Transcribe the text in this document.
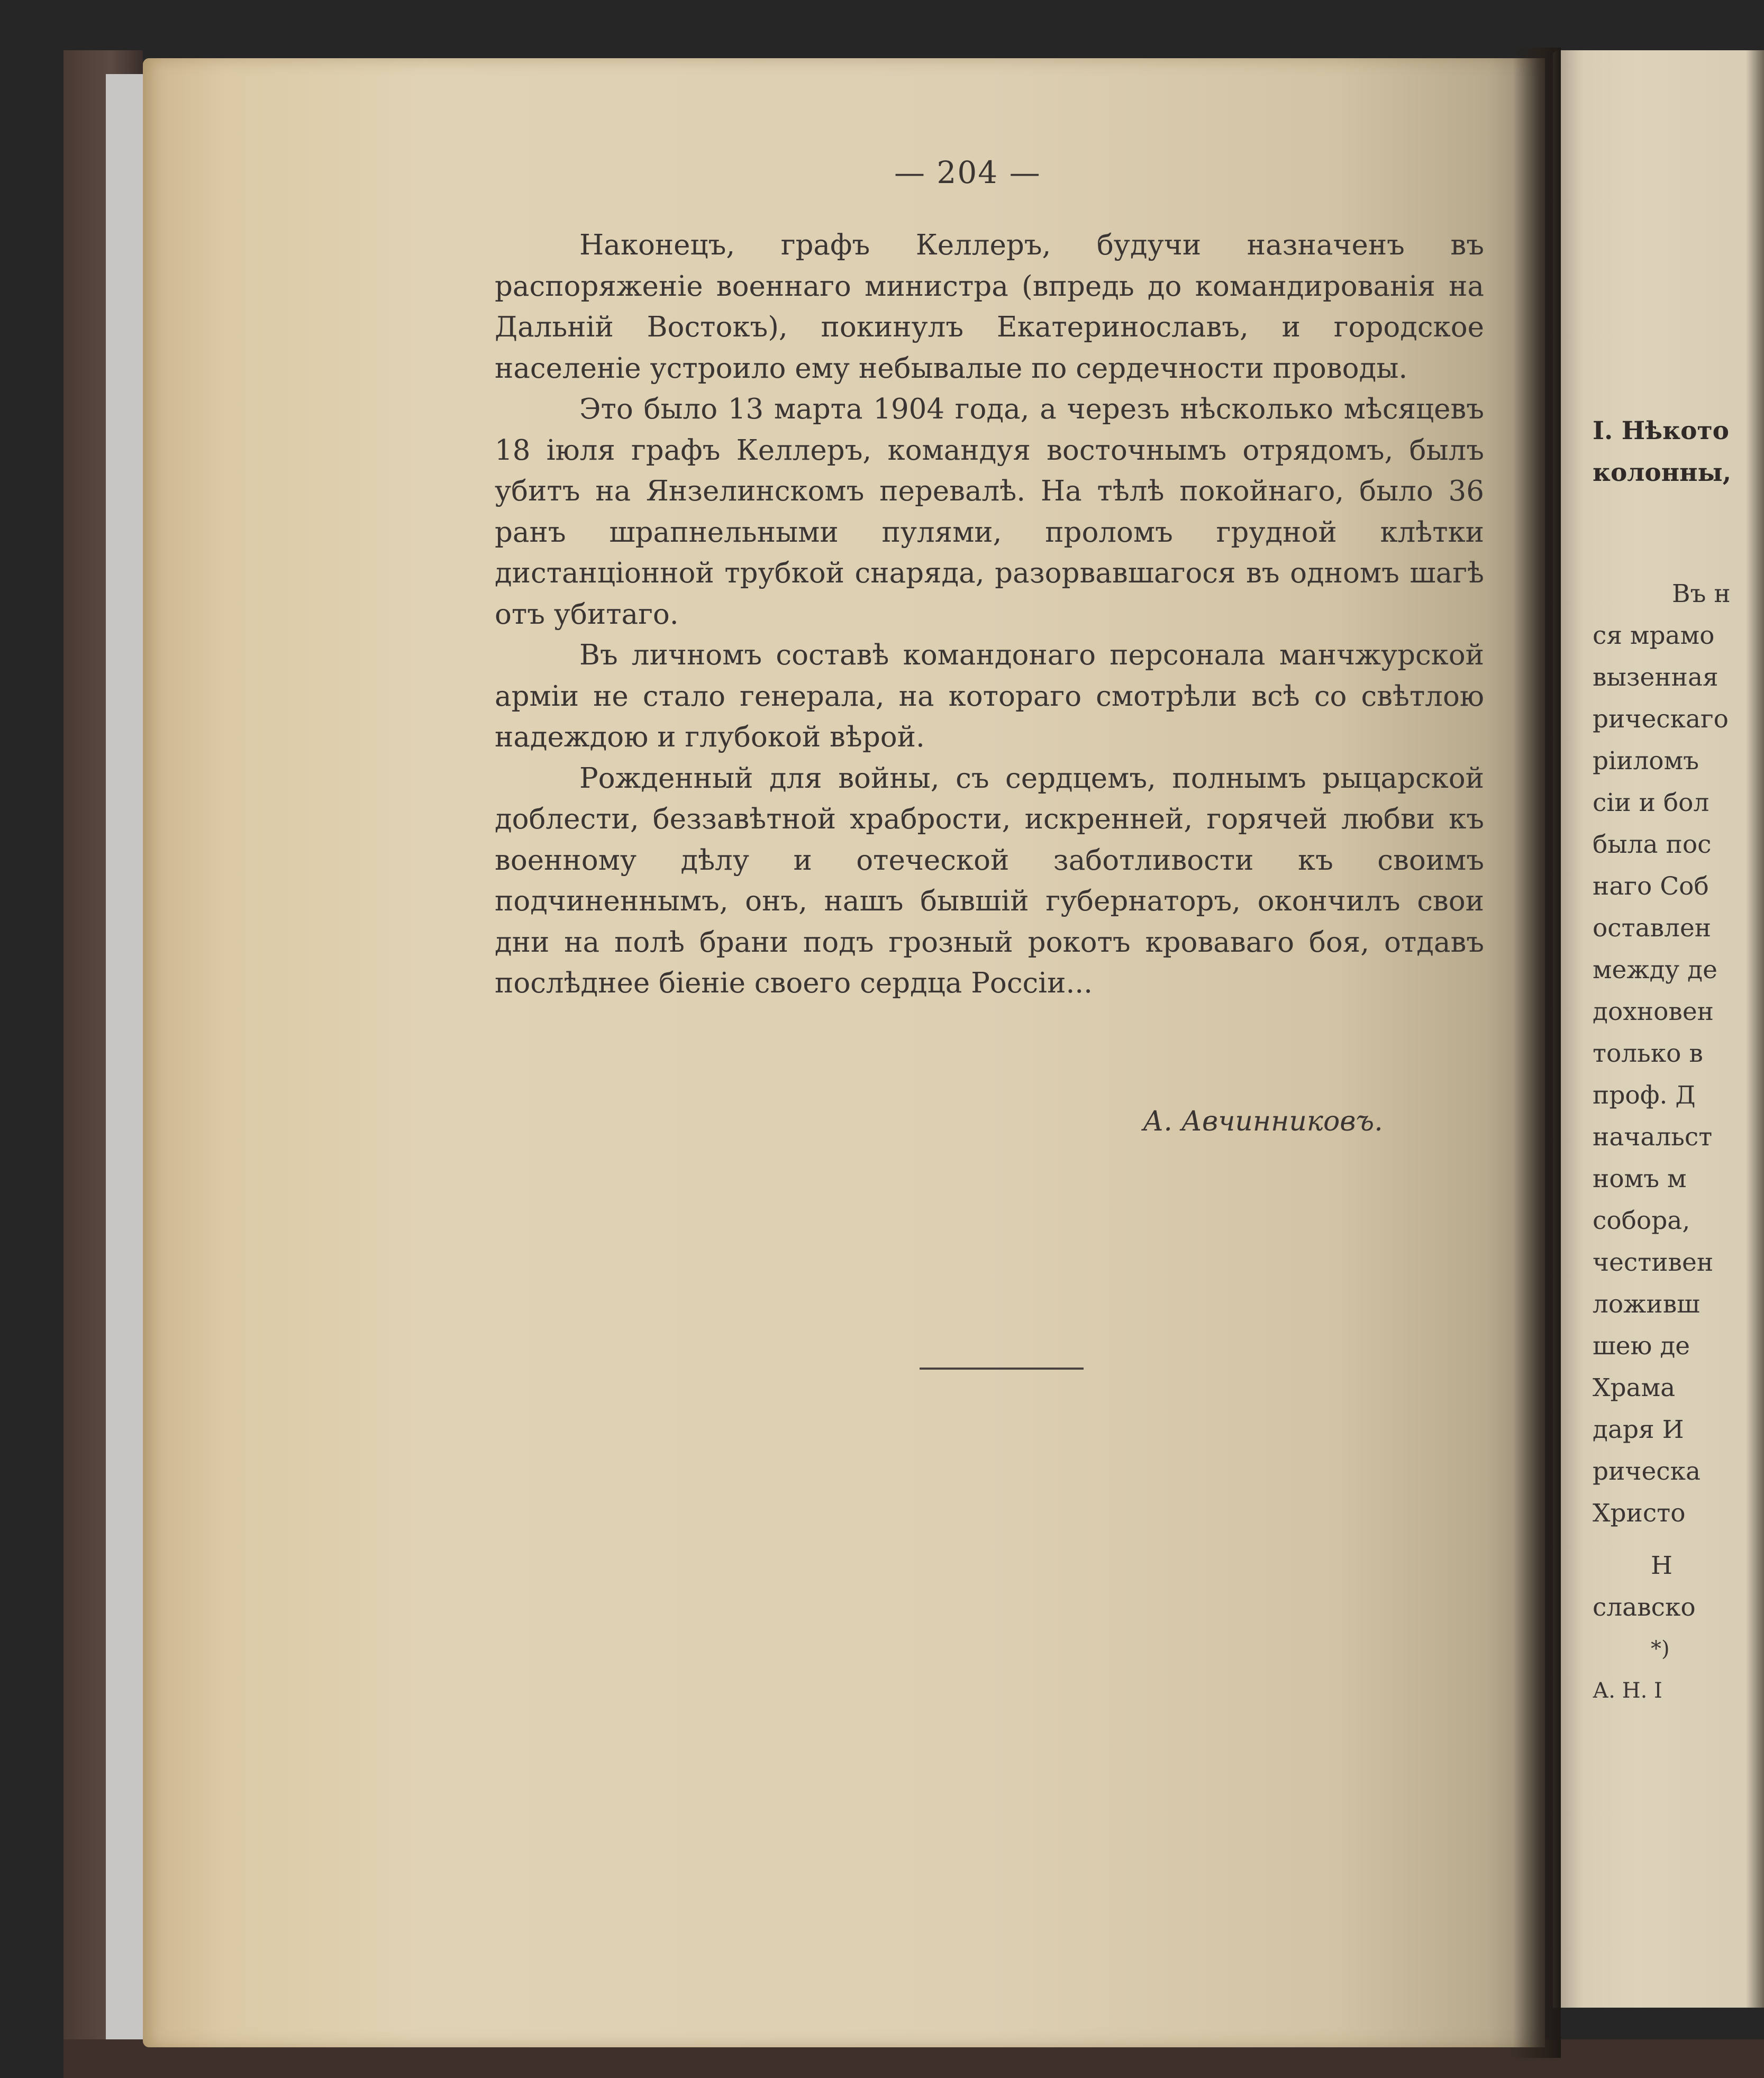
— 204 —

Наконецъ, графъ Келлеръ, будучи назначенъ въ распоряженіе военнаго министра (впредь до командированія на Дальній Востокъ), покинулъ Екатеринославъ, и городское населеніе устроило ему небывалые по сердечности проводы.

Это было 13 марта 1904 года, а черезъ нѣсколько мѣсяцевъ 18 іюля графъ Келлеръ, командуя восточнымъ отрядомъ, былъ убитъ на Янзелинскомъ перевалѣ. На тѣлѣ покойнаго, было 36 ранъ шрапнельными пулями, проломъ грудной клѣтки дистанціонной трубкой снаряда, разорвавшагося въ одномъ шагѣ отъ убитаго.

Въ личномъ составѣ командонаго персонала манчжурской арміи не стало генерала, на котораго смотрѣли всѣ со свѣтлою надеждою и глубокой вѣрой.

Рожденный для войны, съ сердцемъ, полнымъ рыцарской доблести, беззавѣтной храбрости, искренней, горячей любви къ военному дѣлу и отеческой заботливости къ своимъ подчиненнымъ, онъ, нашъ бывшій губернаторъ, окончилъ свои дни на полѣ брани подъ грозный рокотъ кроваваго боя, отдавъ послѣднее біеніе своего сердца Россіи...

А. Авчинниковъ.
I. Нѣкото
колонны,
Въ н
ся мрамо
вызенная
рическаго
ріиломъ
сіи и бол
была пос
наго Соб
оставлен
между де
дохновен
только в
проф. Д
начальст
номъ м
собора,
честивен
ложивш
шею де
Храма
даря И
рическа
Христо
Н
славско
*)
А. Н. I
